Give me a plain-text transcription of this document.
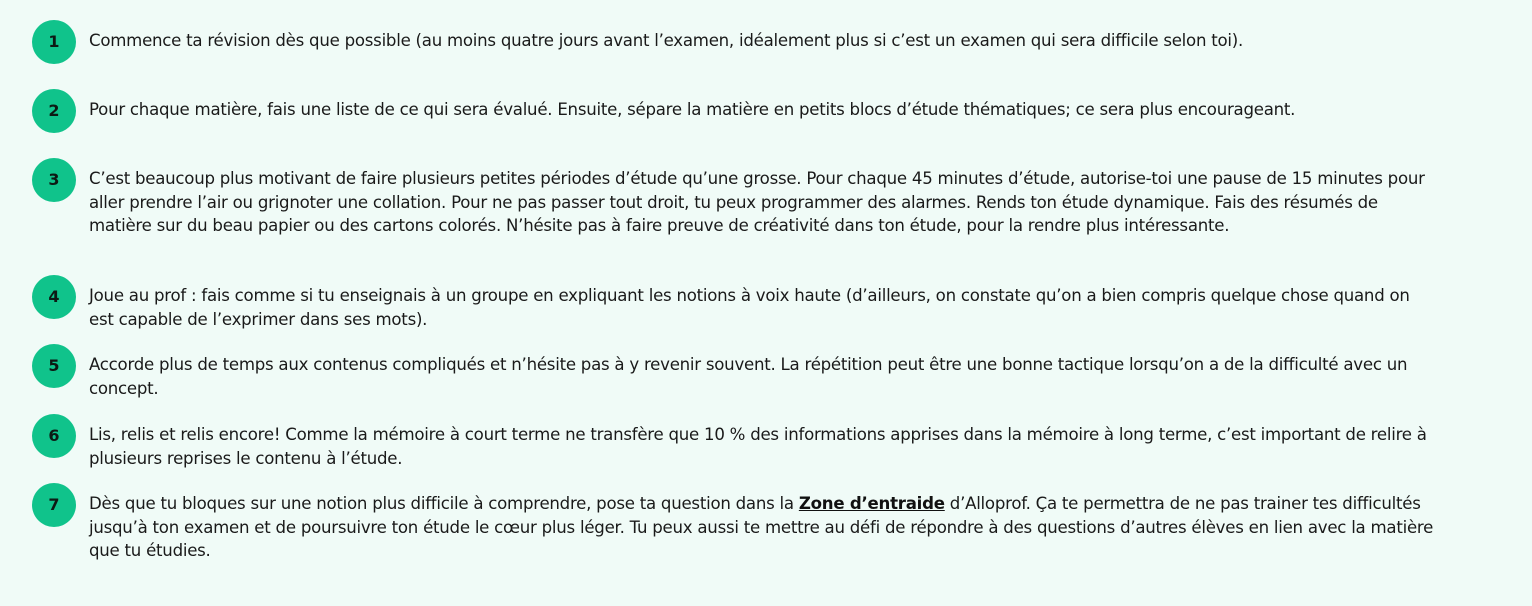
1	Commence ta révision dès que possible (au moins quatre jours avant l’examen, idéalement plus si c’est un examen qui sera difficile selon toi).

2	Pour chaque matière, fais une liste de ce qui sera évalué. Ensuite, sépare la matière en petits blocs d’étude thématiques; ce sera plus encourageant.

3	C’est beaucoup plus motivant de faire plusieurs petites périodes d’étude qu’une grosse. Pour chaque 45 minutes d’étude, autorise-toi une pause de 15 minutes pour aller prendre l’air ou grignoter une collation. Pour ne pas passer tout droit, tu peux programmer des alarmes. Rends ton étude dynamique. Fais des résumés de matière sur du beau papier ou des cartons colorés. N’hésite pas à faire preuve de créativité dans ton étude, pour la rendre plus intéressante.

4	Joue au prof : fais comme si tu enseignais à un groupe en expliquant les notions à voix haute (d’ailleurs, on constate qu’on a bien compris quelque chose quand on est capable de l’exprimer dans ses mots).

5	Accorde plus de temps aux contenus compliqués et n’hésite pas à y revenir souvent. La répétition peut être une bonne tactique lorsqu’on a de la difficulté avec un concept.

6	Lis, relis et relis encore! Comme la mémoire à court terme ne transfère que 10 % des informations apprises dans la mémoire à long terme, c’est important de relire à plusieurs reprises le contenu à l’étude.

7	Dès que tu bloques sur une notion plus difficile à comprendre, pose ta question dans la Zone d’entraide d’Alloprof. Ça te permettra de ne pas trainer tes difficultés jusqu’à ton examen et de poursuivre ton étude le cœur plus léger. Tu peux aussi te mettre au défi de répondre à des questions d’autres élèves en lien avec la matière que tu étudies.
